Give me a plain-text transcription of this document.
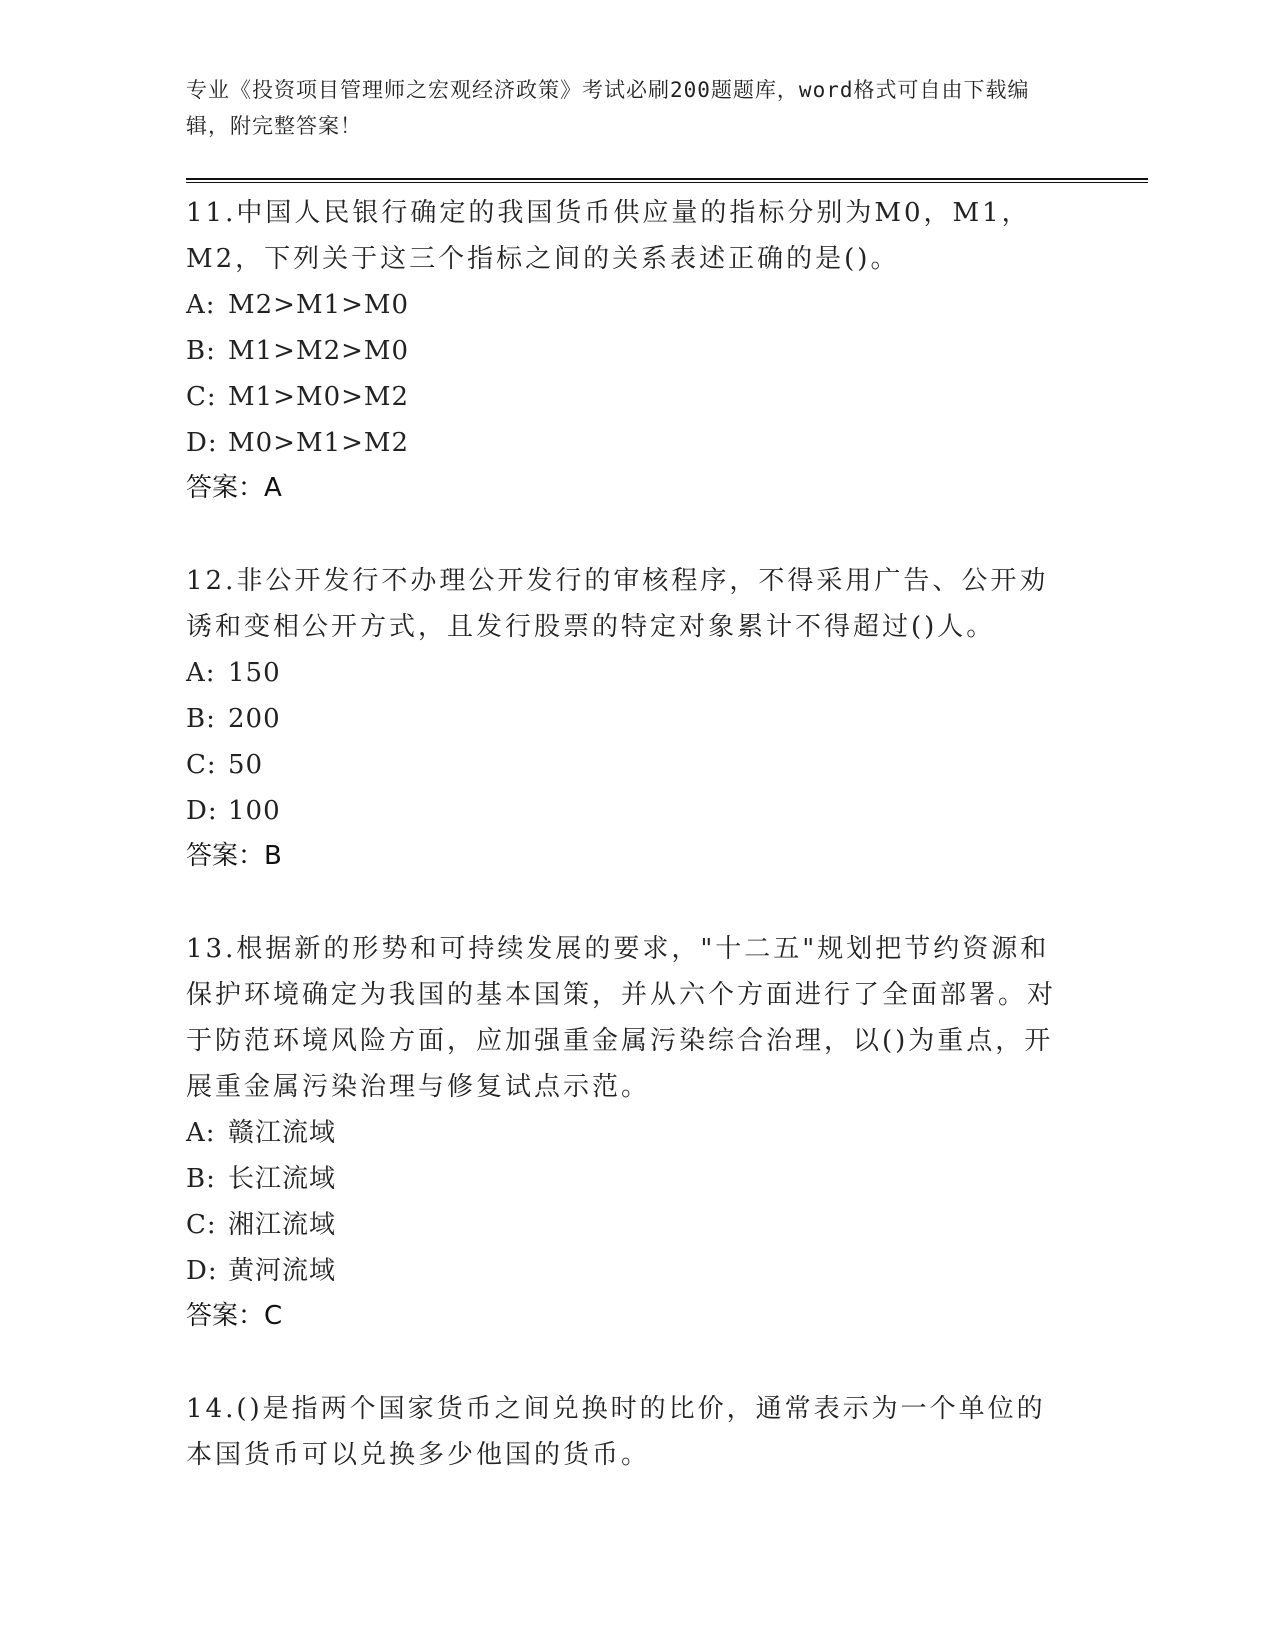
专业《投资项目管理师之宏观经济政策》考试必刷200题题库，word格式可自由下载编辑，附完整答案！

11.中国人民银行确定的我国货币供应量的指标分别为M0，M1，M2，下列关于这三个指标之间的关系表述正确的是()。

A: M2>M1>M0

B: M1>M2>M0

C: M1>M0>M2

D: M0>M1>M2

答案：A

12.非公开发行不办理公开发行的审核程序，不得采用广告、公开劝诱和变相公开方式，且发行股票的特定对象累计不得超过()人。

A: 150

B: 200

C: 50

D: 100

答案：B

13.根据新的形势和可持续发展的要求，"十二五"规划把节约资源和保护环境确定为我国的基本国策，并从六个方面进行了全面部署。对于防范环境风险方面，应加强重金属污染综合治理，以()为重点，开展重金属污染治理与修复试点示范。

A: 赣江流域

B: 长江流域

C: 湘江流域

D: 黄河流域

答案：C

14.()是指两个国家货币之间兑换时的比价，通常表示为一个单位的本国货币可以兑换多少他国的货币。
